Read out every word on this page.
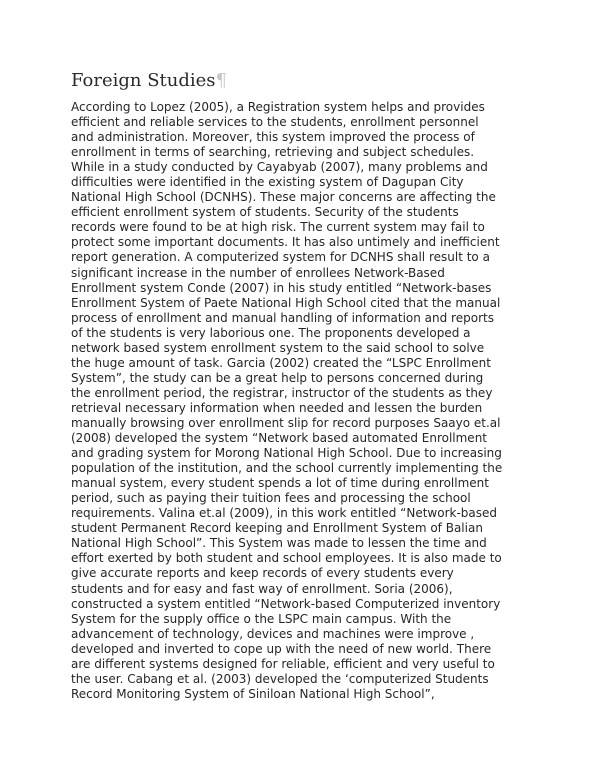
Foreign Studies¶

According to Lopez (2005), a Registration system helps and provides
efficient and reliable services to the students, enrollment personnel
and administration. Moreover, this system improved the process of
enrollment in terms of searching, retrieving and subject schedules.
While in a study conducted by Cayabyab (2007), many problems and
difficulties were identified in the existing system of Dagupan City
National High School (DCNHS). These major concerns are affecting the
efficient enrollment system of students. Security of the students
records were found to be at high risk. The current system may fail to
protect some important documents. It has also untimely and inefficient
report generation. A computerized system for DCNHS shall result to a
significant increase in the number of enrollees Network-Based
Enrollment system Conde (2007) in his study entitled “Network-bases
Enrollment System of Paete National High School cited that the manual
process of enrollment and manual handling of information and reports
of the students is very laborious one. The proponents developed a
network based system enrollment system to the said school to solve
the huge amount of task. Garcia (2002) created the “LSPC Enrollment
System”, the study can be a great help to persons concerned during
the enrollment period, the registrar, instructor of the students as they
retrieval necessary information when needed and lessen the burden
manually browsing over enrollment slip for record purposes Saayo et.al
(2008) developed the system “Network based automated Enrollment
and grading system for Morong National High School. Due to increasing
population of the institution, and the school currently implementing the
manual system, every student spends a lot of time during enrollment
period, such as paying their tuition fees and processing the school
requirements. Valina et.al (2009), in this work entitled “Network-based
student Permanent Record keeping and Enrollment System of Balian
National High School”. This System was made to lessen the time and
effort exerted by both student and school employees. It is also made to
give accurate reports and keep records of every students every
students and for easy and fast way of enrollment. Soria (2006),
constructed a system entitled “Network-based Computerized inventory
System for the supply office o the LSPC main campus. With the
advancement of technology, devices and machines were improve ,
developed and inverted to cope up with the need of new world. There
are different systems designed for reliable, efficient and very useful to
the user. Cabang et al. (2003) developed the ‘computerized Students
Record Monitoring System of Siniloan National High School”,
